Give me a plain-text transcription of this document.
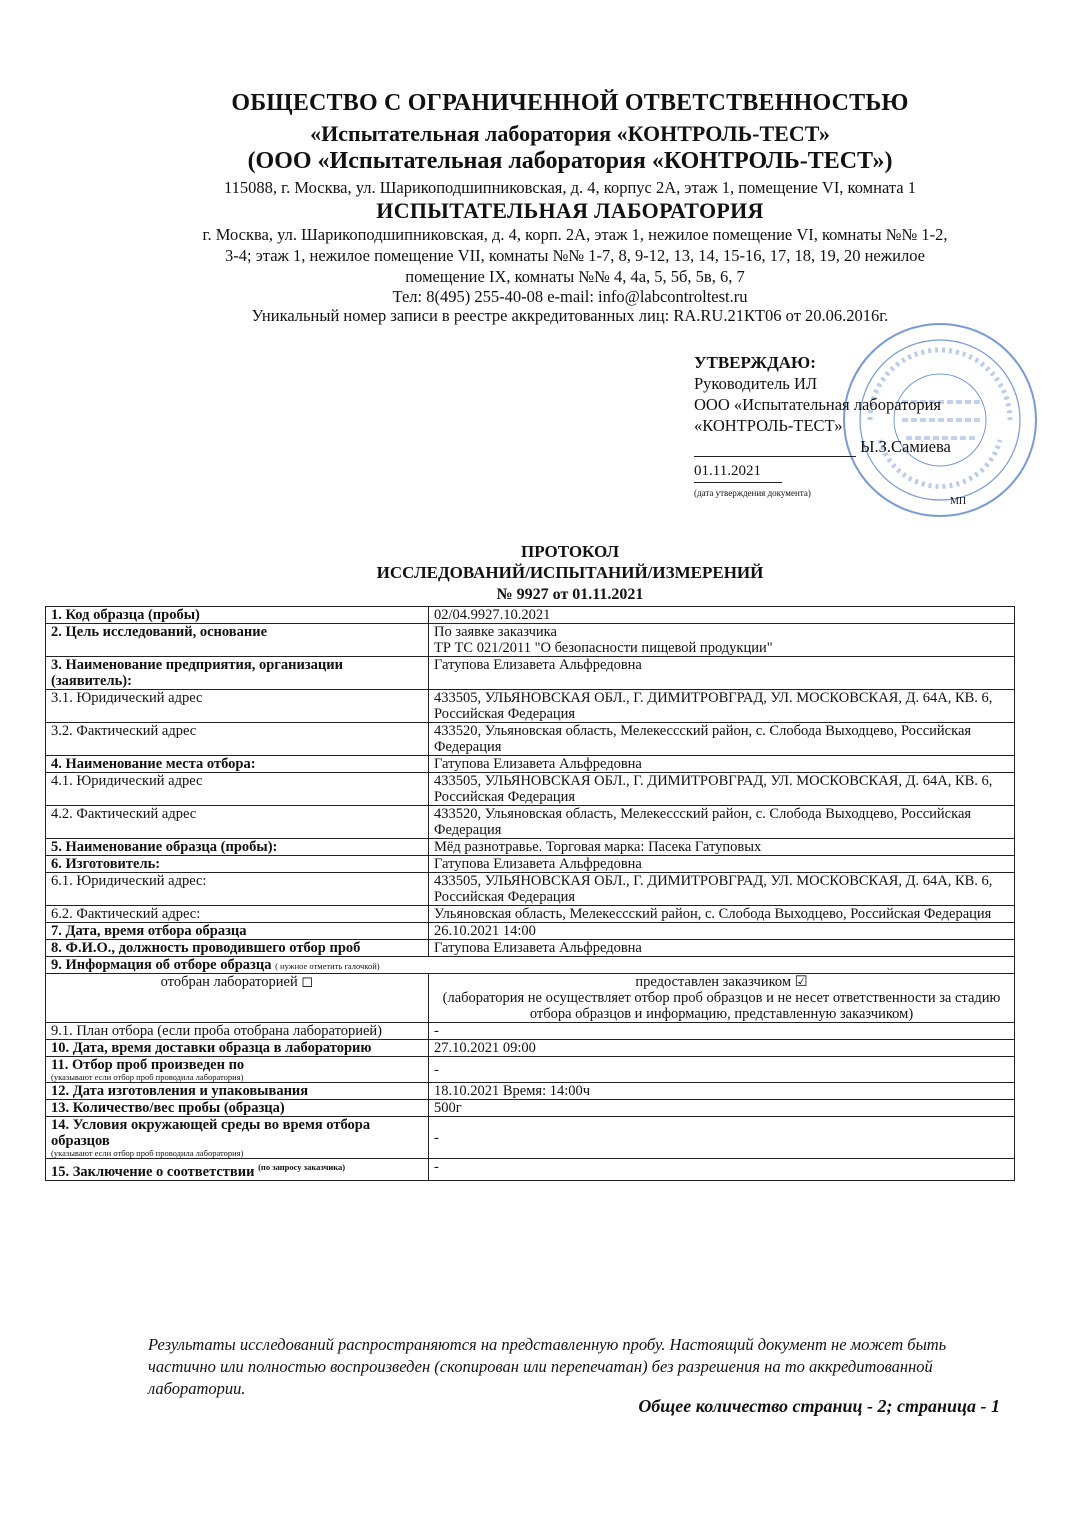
ОБЩЕСТВО С ОГРАНИЧЕННОЙ ОТВЕТСТВЕННОСТЬЮ
«Испытательная лаборатория «КОНТРОЛЬ-ТЕСТ»
(ООО «Испытательная лаборатория «КОНТРОЛЬ-ТЕСТ»)
115088, г. Москва, ул. Шарикоподшипниковская, д. 4, корпус 2А, этаж 1, помещение VI, комната 1
ИСПЫТАТЕЛЬНАЯ ЛАБОРАТОРИЯ
г. Москва, ул. Шарикоподшипниковская, д. 4, корп. 2А, этаж 1, нежилое помещение VI, комнаты №№ 1-2,
3-4; этаж 1, нежилое помещение VII, комнаты №№ 1-7, 8, 9-12, 13, 14, 15-16, 17, 18, 19, 20 нежилое
помещение IX, комнаты №№ 4, 4а, 5, 5б, 5в, 6, 7
Тел: 8(495) 255-40-08 e-mail: info@labcontroltest.ru
Уникальный номер записи в реестре аккредитованных лиц: RA.RU.21КТ06 от 20.06.2016г.
УТВЕРЖДАЮ:
Руководитель ИЛ
ООО «Испытательная лаборатория
«КОНТРОЛЬ-ТЕСТ»
Ы.З.Самиева
01.11.2021
(дата утверждения документа)
МП
ПРОТОКОЛ
ИССЛЕДОВАНИЙ/ИСПЫТАНИЙ/ИЗМЕРЕНИЙ
№ 9927 от 01.11.2021
1. Код образца (пробы)	02/04.9927.10.2021
2. Цель исследований, основание	По заявке заказчика
ТР ТС 021/2011 "О безопасности пищевой продукции"

3. Наименование предприятия, организации (заявитель):	Гатупова Елизавета Альфредовна
3.1. Юридический адрес	433505, УЛЬЯНОВСКАЯ ОБЛ., Г. ДИМИТРОВГРАД, УЛ. МОСКОВСКАЯ, Д. 64А, КВ. 6, Российская Федерация
3.2. Фактический адрес	433520, Ульяновская область, Мелекессский район, с. Слобода Выходцево, Российская Федерация
4. Наименование места отбора:	Гатупова Елизавета Альфредовна
4.1. Юридический адрес	433505, УЛЬЯНОВСКАЯ ОБЛ., Г. ДИМИТРОВГРАД, УЛ. МОСКОВСКАЯ, Д. 64А, КВ. 6, Российская Федерация
4.2. Фактический адрес	433520, Ульяновская область, Мелекессский район, с. Слобода Выходцево, Российская Федерация
5. Наименование образца (пробы):	Мёд разнотравье. Торговая марка: Пасека Гатуповых
6. Изготовитель:	Гатупова Елизавета Альфредовна
6.1. Юридический адрес:	433505, УЛЬЯНОВСКАЯ ОБЛ., Г. ДИМИТРОВГРАД, УЛ. МОСКОВСКАЯ, Д. 64А, КВ. 6, Российская Федерация
6.2. Фактический адрес:	Ульяновская область, Мелекессский район, с. Слобода Выходцево, Российская Федерация
7. Дата, время отбора образца	26.10.2021 14:00
8. Ф.И.О., должность проводившего отбор проб	Гатупова Елизавета Альфредовна
9. Информация об отборе образца ( нужное отметить галочкой)	
отобран лабораторией ◻	предоставлен заказчиком ☑
(лаборатория не осуществляет отбор проб образцов и не несет ответственности за стадию отбора образцов и информацию, представленную заказчиком)

9.1. План отбора (если проба отобрана лабораторией)	-
10. Дата, время доставки образца в лабораторию	27.10.2021 09:00

11. Отбор проб произведен по
(указывают если отбор проб проводила лаборатория)	-
12. Дата изготовления и упаковывания	18.10.2021 Время: 14:00ч
13. Количество/вес пробы (образца)	500г

14. Условия окружающей среды во время отбора образцов
(указывают если отбор проб проводила лаборатория)	-
15. Заключение о соответствии $^{(по запросу заказчика)}$	-
Результаты исследований распространяются на представленную пробу. Настоящий документ не может быть частично или полностью воспроизведен (скопирован или перепечатан) без разрешения на то аккредитованной лаборатории.
Общее количество страниц - 2; страница - 1
